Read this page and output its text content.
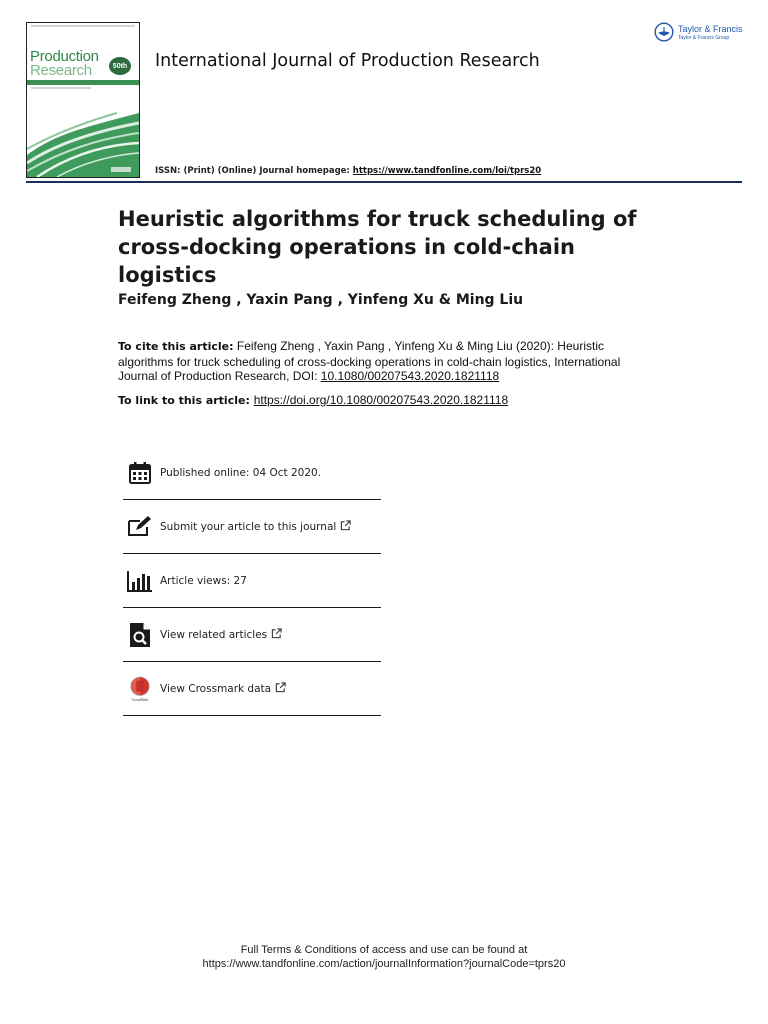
Production
Research	50th International Journal of Production Research
ISSN: (Print) (Online) Journal homepage: https://www.tandfonline.com/loi/tprs20
Taylor & Francis
Taylor & Francis Group
Heuristic algorithms for truck scheduling of cross-docking operations in cold-chain logistics
Feifeng Zheng , Yaxin Pang , Yinfeng Xu & Ming Liu
To cite this article: Feifeng Zheng , Yaxin Pang , Yinfeng Xu & Ming Liu (2020): Heuristic algorithms for truck scheduling of cross-docking operations in cold-chain logistics, International Journal of Production Research, DOI: 10.1080/00207543.2020.1821118
To link to this article: https://doi.org/10.1080/00207543.2020.1821118
Published online: 04 Oct 2020.
Submit your article to this journal
Article views: 27
View related articles
CrossMark
View Crossmark data
Full Terms & Conditions of access and use can be found at
https://www.tandfonline.com/action/journalInformation?journalCode=tprs20
